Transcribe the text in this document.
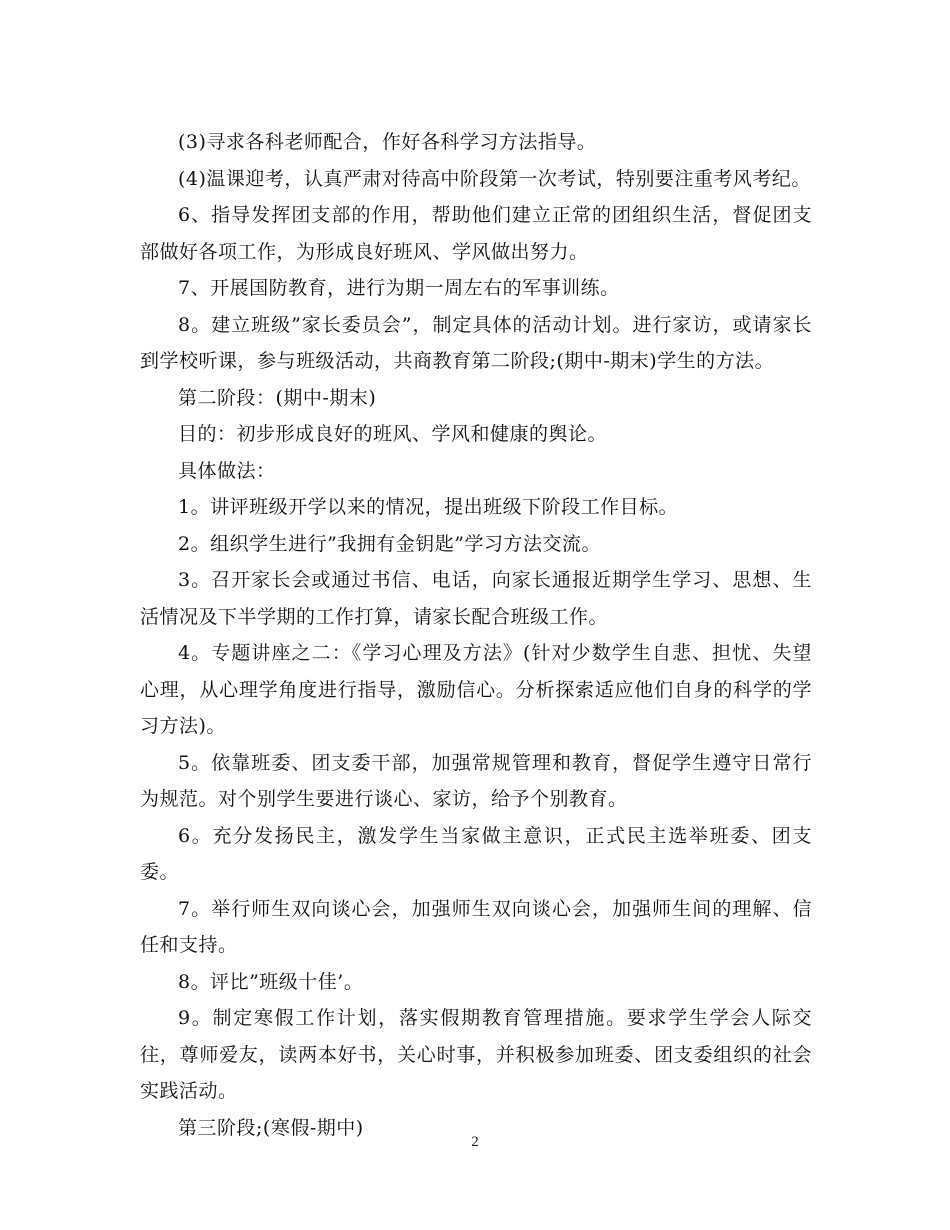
(3)寻求各科老师配合，作好各科学习方法指导。

(4)温课迎考，认真严肃对待高中阶段第一次考试，特别要注重考风考纪。

6、指导发挥团支部的作用，帮助他们建立正常的团组织生活，督促团支部做好各项工作，为形成良好班风、学风做出努力。

7、开展国防教育，进行为期一周左右的军事训练。

8。建立班级”家长委员会”，制定具体的活动计划。进行家访，或请家长到学校听课，参与班级活动，共商教育第二阶段;(期中-期末)学生的方法。

第二阶段：(期中-期末)

目的：初步形成良好的班风、学风和健康的舆论。

具体做法：

1。讲评班级开学以来的情况，提出班级下阶段工作目标。

2。组织学生进行”我拥有金钥匙”学习方法交流。

3。召开家长会或通过书信、电话，向家长通报近期学生学习、思想、生活情况及下半学期的工作打算，请家长配合班级工作。

4。专题讲座之二：《学习心理及方法》(针对少数学生自悲、担忧、失望心理，从心理学角度进行指导，激励信心。分析探索适应他们自身的科学的学习方法)。

5。依靠班委、团支委干部，加强常规管理和教育，督促学生遵守日常行为规范。对个别学生要进行谈心、家访，给予个别教育。

6。充分发扬民主，激发学生当家做主意识，正式民主选举班委、团支委。

7。举行师生双向谈心会，加强师生双向谈心会，加强师生间的理解、信任和支持。

8。评比”班级十佳’。

9。制定寒假工作计划，落实假期教育管理措施。要求学生学会人际交往，尊师爱友，读两本好书，关心时事，并积极参加班委、团支委组织的社会实践活动。

第三阶段;(寒假-期中)

2
